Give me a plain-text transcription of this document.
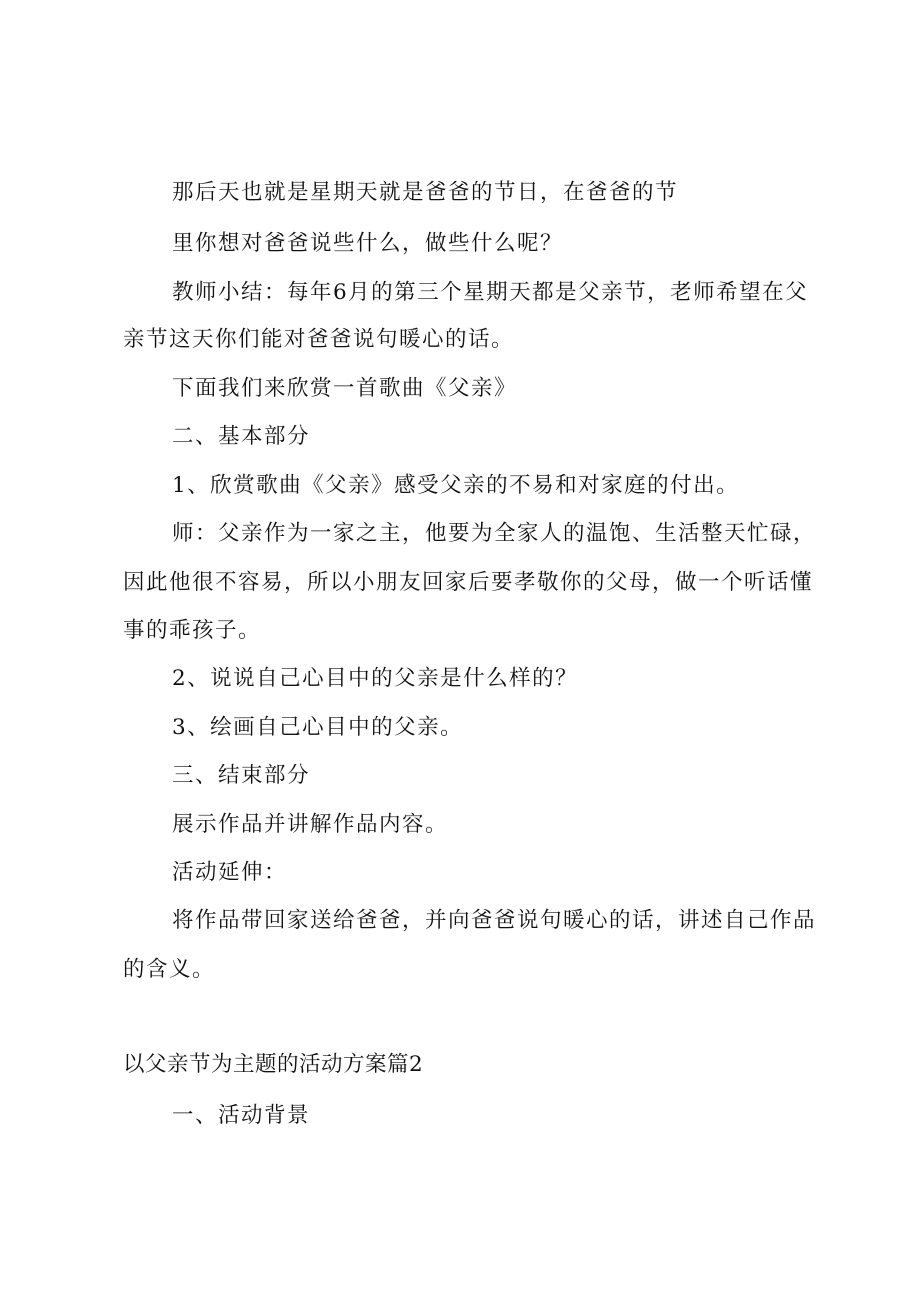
那后天也就是星期天就是爸爸的节日，在爸爸的节
里你想对爸爸说些什么，做些什么呢？
教师小结：每年6月的第三个星期天都是父亲节，老师希望在父
亲节这天你们能对爸爸说句暖心的话。
下面我们来欣赏一首歌曲《父亲》
二、基本部分
1、欣赏歌曲《父亲》感受父亲的不易和对家庭的付出。
师：父亲作为一家之主，他要为全家人的温饱、生活整天忙碌，
因此他很不容易，所以小朋友回家后要孝敬你的父母，做一个听话懂
事的乖孩子。
2、说说自己心目中的父亲是什么样的？
3、绘画自己心目中的父亲。
三、结束部分
展示作品并讲解作品内容。
活动延伸：
将作品带回家送给爸爸，并向爸爸说句暖心的话，讲述自己作品
的含义。
以父亲节为主题的活动方案篇2
一、活动背景
